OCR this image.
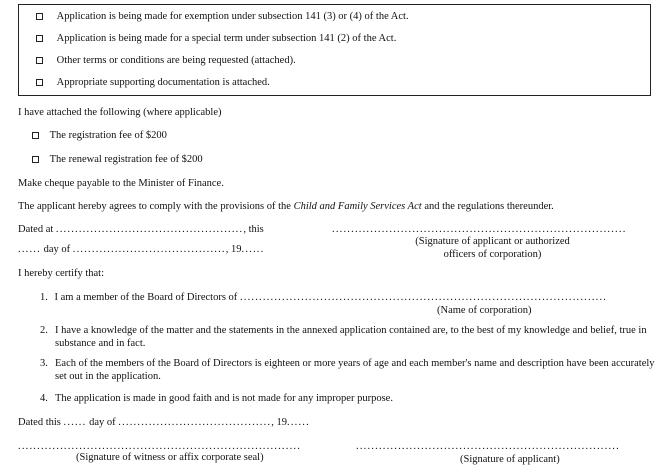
Application is being made for exemption under subsection 141 (3) or (4) of the Act.
Application is being made for a special term under subsection 141 (2) of the Act.
Other terms or conditions are being requested (attached).
Appropriate supporting documentation is attached.
I have attached the following (where applicable)
The registration fee of $200
The renewal registration fee of $200
Make cheque payable to the Minister of Finance.
The applicant hereby agrees to comply with the provisions of the Child and Family Services Act and the regulations thereunder.
Dated at ................................................., this	.............................................................................
...... day of ........................................, 19......
(Signature of applicant or authorized officers of corporation)
I hereby certify that:
1. I am a member of the Board of Directors of ................................................................................................
(Name of corporation)
2. I have a knowledge of the matter and the statements in the annexed application contained are, to the best of my knowledge and belief, true in substance and in fact.
3. Each of the members of the Board of Directors is eighteen or more years of age and each member's name and description have been accurately set out in the application.
4. The application is made in good faith and is not made for any improper purpose.
Dated this ...... day of ........................................, 19......
..........................................................................
(Signature of witness or affix corporate seal)
.....................................................................
(Signature of applicant)
